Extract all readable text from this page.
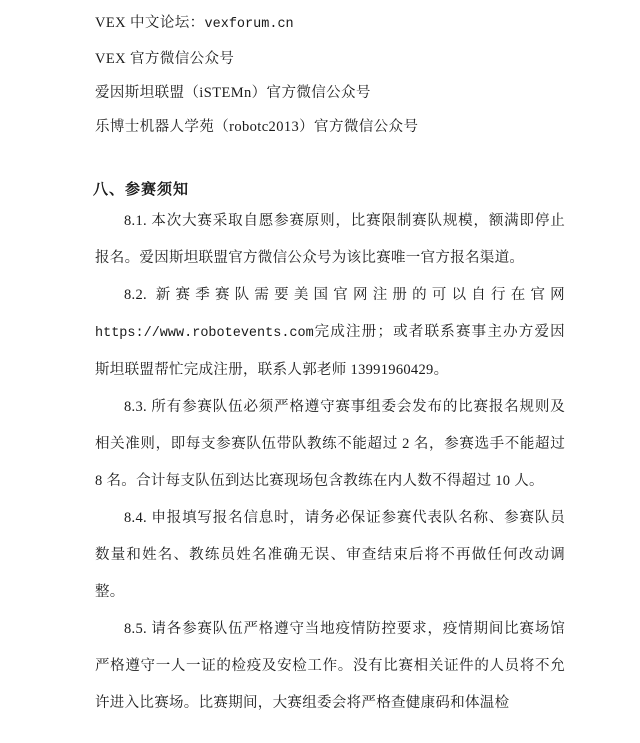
VEX 中文论坛：vexforum.cn
VEX 官方微信公众号
爱因斯坦联盟（iSTEMn）官方微信公众号
乐博士机器人学苑（robotc2013）官方微信公众号
八、参赛须知

8.1. 本次大赛采取自愿参赛原则，比赛限制赛队规模，额满即停止报名。爱因斯坦联盟官方微信公众号为该比赛唯一官方报名渠道。

8.2. 新赛季赛队需要美国官网注册的可以自行在官网https://www.robotevents.com完成注册；或者联系赛事主办方爱因斯坦联盟帮忙完成注册，联系人郭老师 13991960429。

8.3. 所有参赛队伍必须严格遵守赛事组委会发布的比赛报名规则及相关准则，即每支参赛队伍带队教练不能超过 2 名，参赛选手不能超过 8 名。合计每支队伍到达比赛现场包含教练在内人数不得超过 10 人。

8.4. 申报填写报名信息时，请务必保证参赛代表队名称、参赛队员数量和姓名、教练员姓名准确无误、审查结束后将不再做任何改动调整。

8.5. 请各参赛队伍严格遵守当地疫情防控要求，疫情期间比赛场馆严格遵守一人一证的检疫及安检工作。没有比赛相关证件的人员将不允许进入比赛场。比赛期间，大赛组委会将严格查健康码和体温检
